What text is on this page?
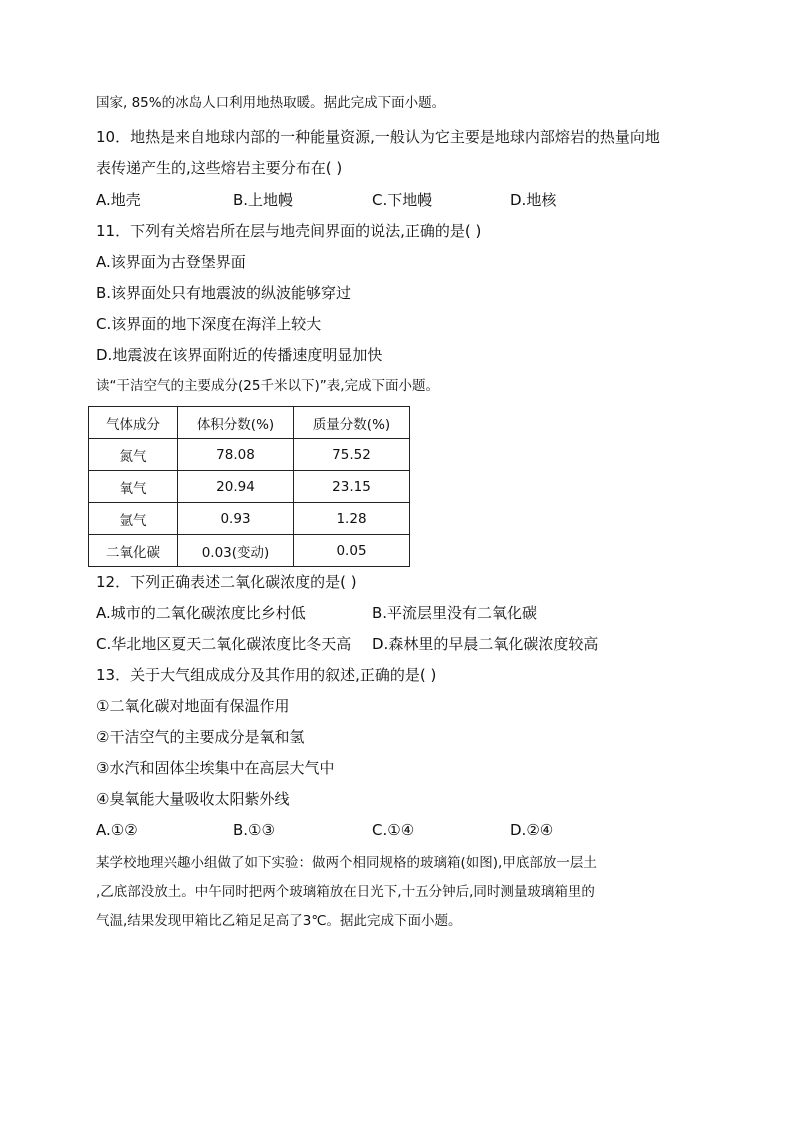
国家, 85%的冰岛人口利用地热取暖。据此完成下面小题。
10．地热是来自地球内部的一种能量资源,一般认为它主要是地球内部熔岩的热量向地
表传递产生的,这些熔岩主要分布在( )
A.地壳	B.上地幔	C.下地幔	D.地核
11．下列有关熔岩所在层与地壳间界面的说法,正确的是( )
A.该界面为古登堡界面
B.该界面处只有地震波的纵波能够穿过
C.该界面的地下深度在海洋上较大
D.地震波在该界面附近的传播速度明显加快
读“干洁空气的主要成分(25千米以下)”表,完成下面小题。
气体成分	体积分数(%)	质量分数(%)
氮气	78.08	75.52
氧气	20.94	23.15
氩气	0.93	1.28
二氧化碳	0.03(变动)	0.05
12．下列正确表述二氧化碳浓度的是( )
A.城市的二氧化碳浓度比乡村低	B.平流层里没有二氧化碳
C.华北地区夏天二氧化碳浓度比冬天高 D.森林里的早晨二氧化碳浓度较高
13．关于大气组成成分及其作用的叙述,正确的是( )
①二氧化碳对地面有保温作用
②干洁空气的主要成分是氧和氢
③水汽和固体尘埃集中在高层大气中
④臭氧能大量吸收太阳紫外线
A.①②	B.①③	C.①④	D.②④
某学校地理兴趣小组做了如下实验：做两个相同规格的玻璃箱(如图),甲底部放一层土
,乙底部没放土。中午同时把两个玻璃箱放在日光下,十五分钟后,同时测量玻璃箱里的
气温,结果发现甲箱比乙箱足足高了3℃。据此完成下面小题。
